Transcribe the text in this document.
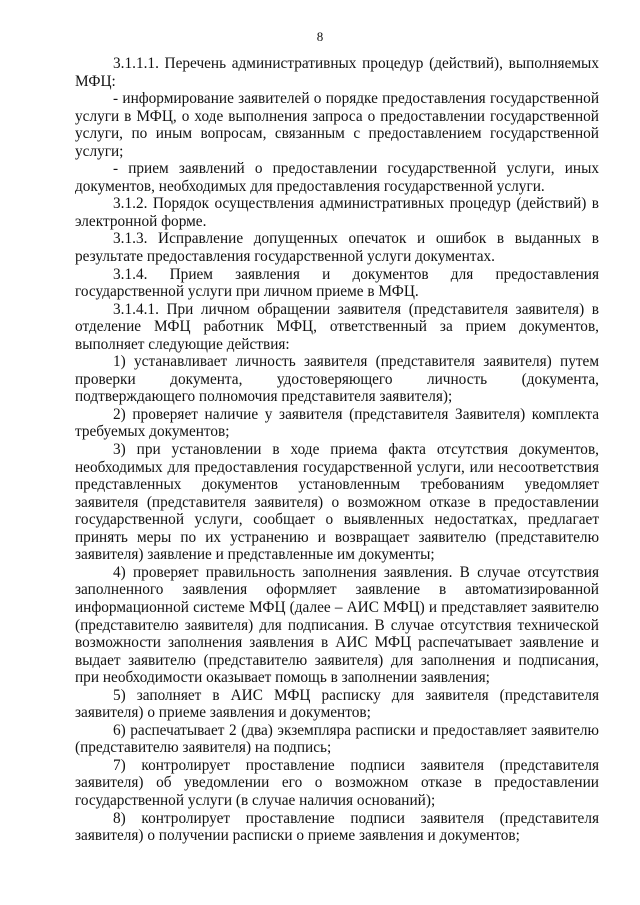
8

3.1.1.1. Перечень административных процедур (действий), выполняемых МФЦ:

- информирование заявителей о порядке предоставления государственной услуги в МФЦ, о ходе выполнения запроса о предоставлении государственной услуги, по иным вопросам, связанным с предоставлением государственной услуги;

- прием заявлений о предоставлении государственной услуги, иных документов, необходимых для предоставления государственной услуги.

3.1.2. Порядок осуществления административных процедур (действий) в электронной форме.

3.1.3. Исправление допущенных опечаток и ошибок в выданных в результате предоставления государственной услуги документах.

3.1.4. Прием заявления и документов для предоставления государственной услуги при личном приеме в МФЦ.

3.1.4.1. При личном обращении заявителя (представителя заявителя) в отделение МФЦ работник МФЦ, ответственный за прием документов, выполняет следующие действия:

1) устанавливает личность заявителя (представителя заявителя) путем проверки документа, удостоверяющего личность (документа, подтверждающего полномочия представителя заявителя);

2) проверяет наличие у заявителя (представителя Заявителя) комплекта требуемых документов;

3) при установлении в ходе приема факта отсутствия документов, необходимых для предоставления государственной услуги, или несоответствия представленных документов установленным требованиям уведомляет заявителя (представителя заявителя) о возможном отказе в предоставлении государственной услуги, сообщает о выявленных недостатках, предлагает принять меры по их устранению и возвращает заявителю (представителю заявителя) заявление и представленные им документы;

4) проверяет правильность заполнения заявления. В случае отсутствия заполненного заявления оформляет заявление в автоматизированной информационной системе МФЦ (далее – АИС МФЦ) и представляет заявителю (представителю заявителя) для подписания. В случае отсутствия технической возможности заполнения заявления в АИС МФЦ распечатывает заявление и выдает заявителю (представителю заявителя) для заполнения и подписания, при необходимости оказывает помощь в заполнении заявления;

5) заполняет в АИС МФЦ расписку для заявителя (представителя заявителя) о приеме заявления и документов;

6) распечатывает 2 (два) экземпляра расписки и предоставляет заявителю (представителю заявителя) на подпись;

7) контролирует проставление подписи заявителя (представителя заявителя) об уведомлении его о возможном отказе в предоставлении государственной услуги (в случае наличия оснований);

8) контролирует проставление подписи заявителя (представителя заявителя) о получении расписки о приеме заявления и документов;
